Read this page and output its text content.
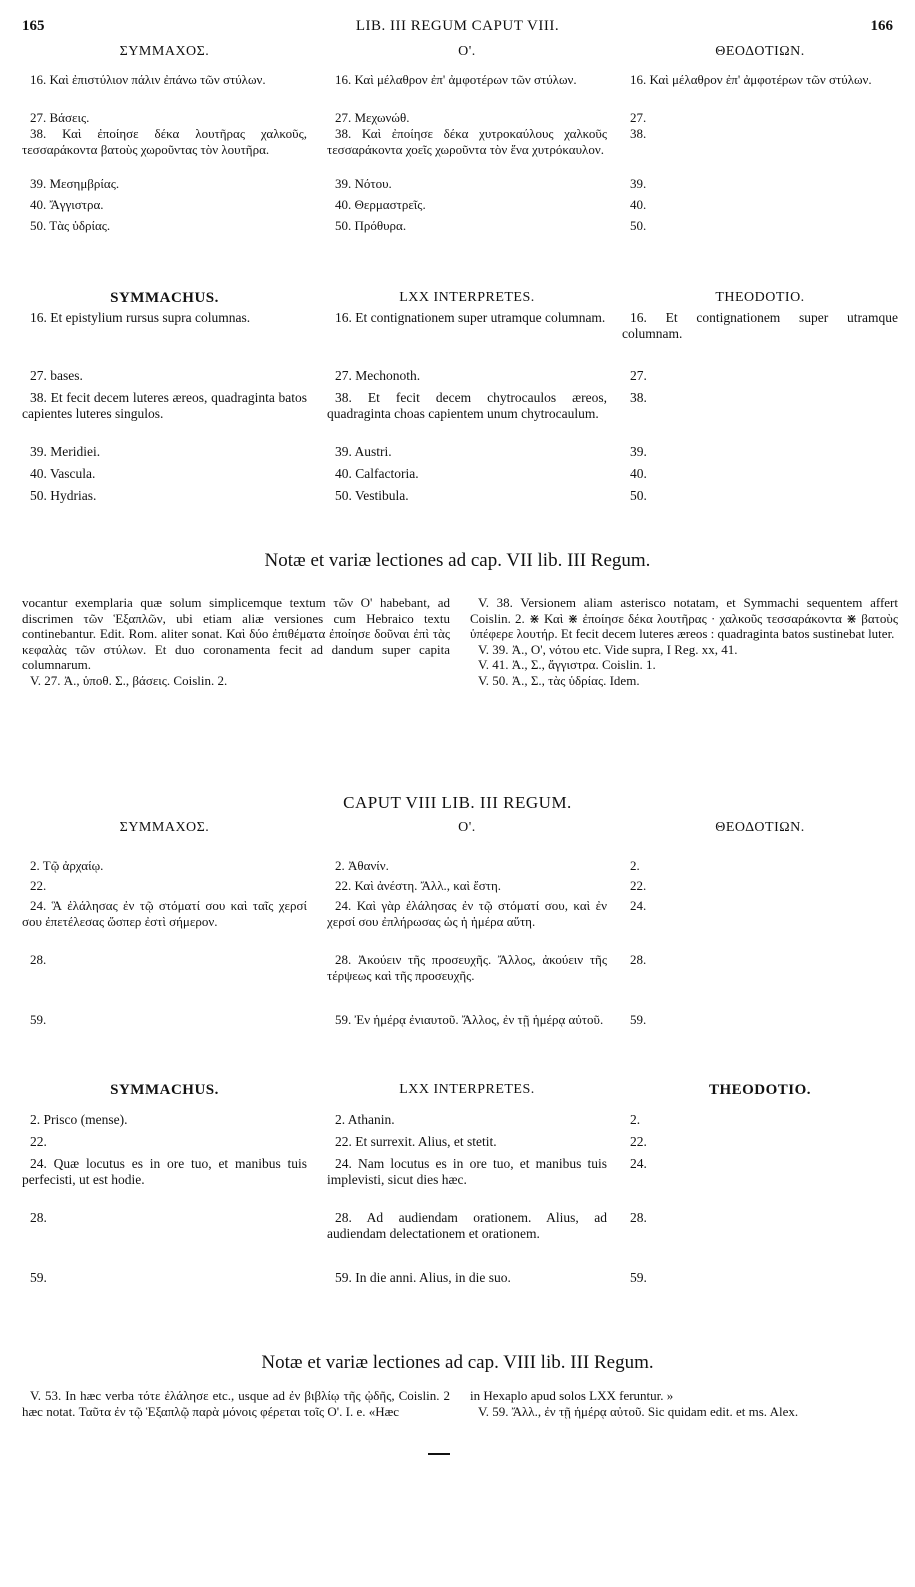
165	LIB. III REGUM CAPUT VIII.	166
ΣΥΜΜΑΧΟΣ.

16. Καὶ ἐπιστύλιον πάλιν ἐπάνω τῶν στύλων.

27. Βάσεις.

38. Καὶ ἐποίησε δέκα λουτῆρας χαλκοῦς, τεσσαράκοντα βατοὺς χωροῦντας τὸν λουτῆρα.

39. Μεσημβρίας.

40. Ἄγγιστρα.

50. Τὰς ὑδρίας.

Ο'.

16. Καὶ μέλαθρον ἐπ' ἀμφοτέρων τῶν στύλων.

27. Μεχωνώθ.

38. Καὶ ἐποίησε δέκα χυτροκαύλους χαλκοῦς τεσσαράκοντα χοεῖς χωροῦντα τὸν ἕνα χυτρόκαυλον.

39. Νότου.

40. Θερμαστρεῖς.

50. Πρόθυρα.

ΘΕΟΔΟΤΙΩΝ.

16. Καὶ μέλαθρον ἐπ' ἀμφοτέρων τῶν στύλων.

27.

38.

39.

40.

50.

SYMMACHUS.

16. Et epistylium rursus supra columnas.

27. bases.

38. Et fecit decem luteres æreos, quadraginta batos capientes luteres singulos.

39. Meridiei.

40. Vascula.

50. Hydrias.

LXX INTERPRETES.

16. Et contignationem super utramque columnam.

27. Mechonoth.

38. Et fecit decem chytrocaulos æreos, quadraginta choas capientem unum chytrocaulum.

39. Austri.

40. Calfactoria.

50. Vestibula.

THEODOTIO.

16. Et contignationem super utramque columnam.

27.

38.

39.

40.

50.

Notæ et variæ lectiones ad cap. VII lib. III Regum.

vocantur exemplaria quæ solum simplicemque textum τῶν Ο' habebant, ad discrimen τῶν Ἑξαπλῶν, ubi etiam aliæ versiones cum Hebraico textu continebantur. Edit. Rom. aliter sonat. Καὶ δύο ἐπιθέματα ἐποίησε δοῦναι ἐπὶ τὰς κεφαλὰς τῶν στύλων. Et duo coronamenta fecit ad dandum super capita columnarum.

V. 27. Ἀ., ὑποθ. Σ., βάσεις. Coislin. 2.

V. 38. Versionem aliam asterisco notatam, et Symmachi sequentem affert Coislin. 2. ⋇ Καὶ ⋇ ἐποίησε δέκα λουτῆρας · χαλκοῦς τεσσαράκοντα ⋇ βατοὺς ὑπέφερε λουτήρ. Et fecit decem luteres æreos : quadraginta batos sustinebat luter.

V. 39. Ἀ., Ο', νότου etc. Vide supra, I Reg. xx, 41.

V. 41. Ἀ., Σ., ἄγγιστρα. Coislin. 1.

V. 50. Ἀ., Σ., τὰς ὑδρίας. Idem.

CAPUT VIII LIB. III REGUM.
ΣΥΜΜΑΧΟΣ.

2. Τῷ ἀρχαίῳ.

22.

24. Ἃ ἐλάλησας ἐν τῷ στόματί σου καὶ ταῖς χερσί σου ἐπετέλεσας ὥσπερ ἐστὶ σήμερον.

28.

59.

Ο'.

2. Ἀθανίν.

22. Καὶ ἀνέστη. Ἄλλ., καὶ ἔστη.

24. Καὶ γὰρ ἐλάλησας ἐν τῷ στόματί σου, καὶ ἐν χερσί σου ἐπλήρωσας ὡς ἡ ἡμέρα αὕτη.

28. Ἀκούειν τῆς προσευχῆς. Ἄλλος, ἀκούειν τῆς τέρψεως καὶ τῆς προσευχῆς.

59. Ἐν ἡμέρᾳ ἐνιαυτοῦ. Ἄλλος, ἐν τῇ ἡμέρᾳ αὐτοῦ.

ΘΕΟΔΟΤΙΩΝ.

2.

22.

24.

28.

59.

SYMMACHUS.

2. Prisco (mense).

22.

24. Quæ locutus es in ore tuo, et manibus tuis perfecisti, ut est hodie.

28.

59.

LXX INTERPRETES.

2. Athanin.

22. Et surrexit. Alius, et stetit.

24. Nam locutus es in ore tuo, et manibus tuis implevisti, sicut dies hæc.

28. Ad audiendam orationem. Alius, ad audiendam delectationem et orationem.

59. In die anni. Alius, in die suo.

THEODOTIO.

2.

22.

24.

28.

59.

Notæ et variæ lectiones ad cap. VIII lib. III Regum.

V. 53. In hæc verba τότε ἐλάλησε etc., usque ad ἐν βιβλίῳ τῆς ᾠδῆς, Coislin. 2 hæc notat. Ταῦτα ἐν τῷ Ἑξαπλῷ παρὰ μόνοις φέρεται τοῖς Ο'. I. e. «Hæc

in Hexaplo apud solos LXX feruntur. »

V. 59. Ἄλλ., ἐν τῇ ἡμέρᾳ αὐτοῦ. Sic quidam edit. et ms. Alex.
